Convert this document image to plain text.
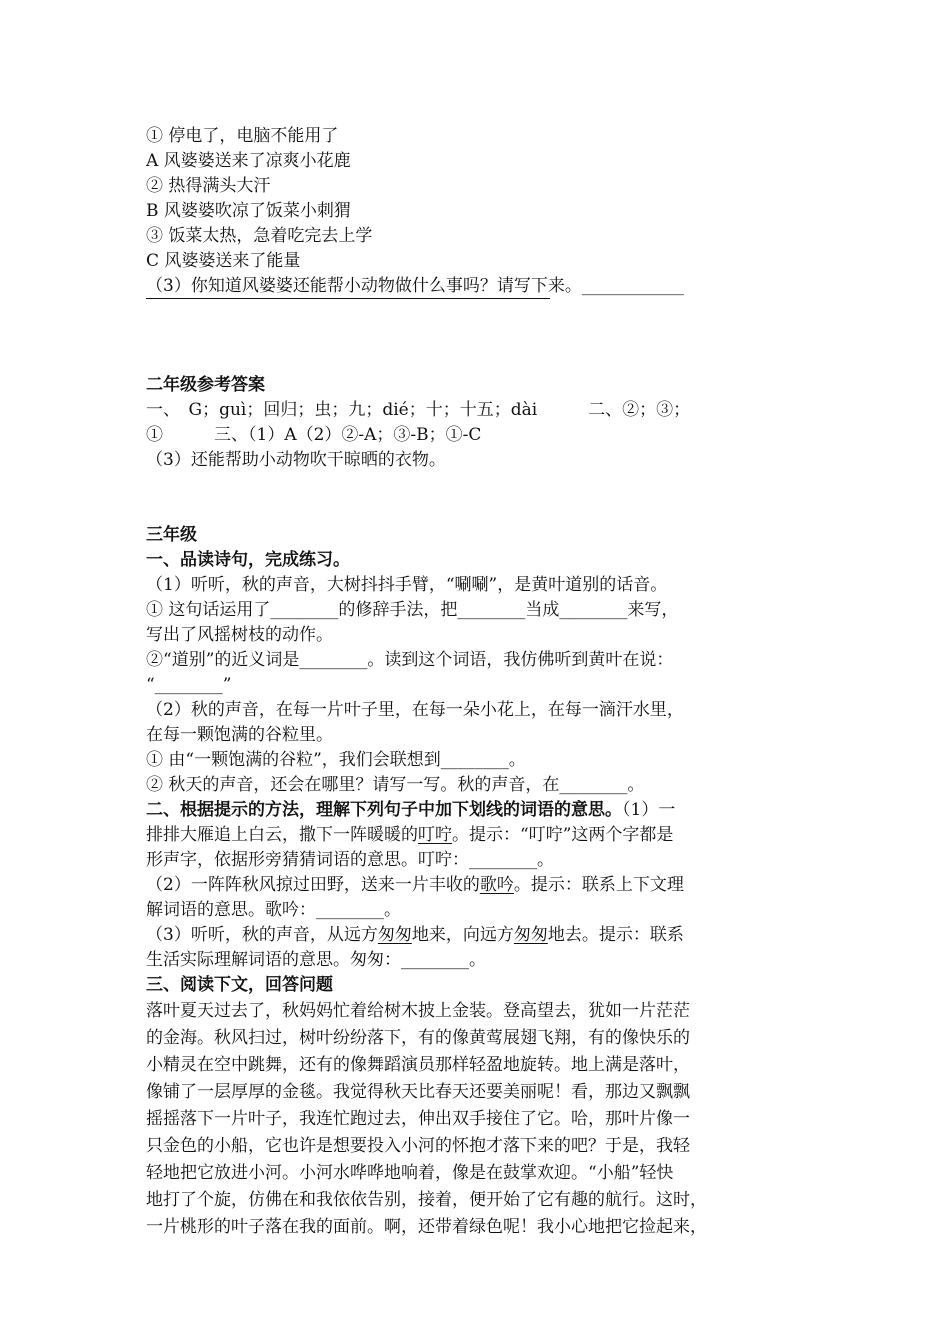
① 停电了，电脑不能用了
A 风婆婆送来了凉爽小花鹿
② 热得满头大汗
B 风婆婆吹凉了饭菜小刺猬
③ 饭菜太热，急着吃完去上学
C 风婆婆送来了能量
（3）你知道风婆婆还能帮小动物做什么事吗？请写下来。____________
二年级参考答案
一、　G；guì；回归；虫；九；dié；十；十五；dài　　　二、②；③；
①　　　三、（1）A（2）②-A；③-B；①-C
（3）还能帮助小动物吹干晾晒的衣物。
三年级
一、品读诗句，完成练习。
（1）听听，秋的声音，大树抖抖手臂，“唰唰”，是黄叶道别的话音。
① 这句话运用了________的修辞手法，把________当成________来写，
写出了风摇树枝的动作。
②“道别”的近义词是________。读到这个词语，我仿佛听到黄叶在说：
“________”
（2）秋的声音，在每一片叶子里，在每一朵小花上，在每一滴汗水里，
在每一颗饱满的谷粒里。
① 由“一颗饱满的谷粒”，我们会联想到________。
② 秋天的声音，还会在哪里？请写一写。秋的声音，在________。
二、根据提示的方法，理解下列句子中加下划线的词语的意思。（1）一
排排大雁追上白云，撒下一阵暖暖的叮咛。提示：“叮咛”这两个字都是
形声字，依据形旁猜猜词语的意思。叮咛：________。
（2）一阵阵秋风掠过田野，送来一片丰收的歌吟。提示：联系上下文理
解词语的意思。歌吟：________。
（3）听听，秋的声音，从远方匆匆地来，向远方匆匆地去。提示：联系
生活实际理解词语的意思。匆匆：________。
三、阅读下文，回答问题
落叶夏天过去了，秋妈妈忙着给树木披上金装。登高望去，犹如一片茫茫
的金海。秋风扫过，树叶纷纷落下，有的像黄莺展翅飞翔，有的像快乐的
小精灵在空中跳舞，还有的像舞蹈演员那样轻盈地旋转。地上满是落叶，
像铺了一层厚厚的金毯。我觉得秋天比春天还要美丽呢！看，那边又飘飘
摇摇落下一片叶子，我连忙跑过去，伸出双手接住了它。哈，那叶片像一
只金色的小船，它也许是想要投入小河的怀抱才落下来的吧？于是，我轻
轻地把它放进小河。小河水哗哗地响着，像是在鼓掌欢迎。“小船”轻快
地打了个旋，仿佛在和我依依告别，接着，便开始了它有趣的航行。这时，
一片桃形的叶子落在我的面前。啊，还带着绿色呢！我小心地把它捡起来，
